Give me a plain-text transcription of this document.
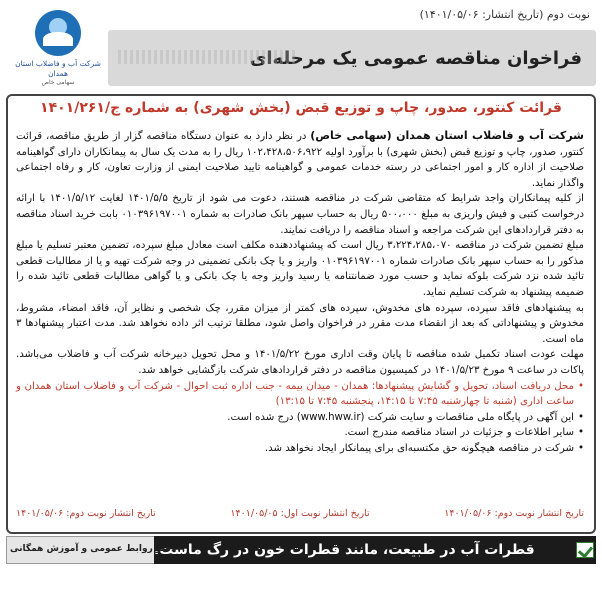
شرکت آب و فاضلاب استان همدان
سهامی خاص
نوبت دوم (تاریخ انتشار: ۱۴۰۱/۰۵/۰۶)
فراخوان مناقصه عمومی یک مرحله‌ای
قرائت کنتور، صدور، چاپ و توزیع قبض (بخش شهری) به شماره ج/۱۴۰۱/۲۶۱

شرکت آب و فاضلاب استان همدان (سهامی خاص) در نظر دارد به عنوان دستگاه مناقصه گزار از طریق مناقصه، قرائت کنتور، صدور، چاپ و توزیع قبض (بخش شهری) با برآورد اولیه ۱۰۲،۴۲۸،۵۰۶،۹۲۲ ریال را به مدت یک سال به پیمانکاران دارای گواهینامه صلاحیت از اداره کار و امور اجتماعی در رسته خدمات عمومی و گواهینامه تایید صلاحیت ایمنی از وزارت تعاون، کار و رفاه اجتماعی واگذار نماید.

از کلیه پیمانکاران واجد شرایط که متقاضی شرکت در مناقصه هستند، دعوت می شود از تاریخ ۱۴۰۱/۵/۵ لغایت ۱۴۰۱/۵/۱۲ با ارائه درخواست کتبی و فیش واریزی به مبلغ ۵۰۰،۰۰۰ ریال به حساب سپهر بانک صادرات به شماره ۰۱۰۳۹۶۱۹۷۰۰۱ بابت خرید اسناد مناقصه به دفتر قراردادهای این شرکت مراجعه و اسناد مناقصه را دریافت نمایند.

مبلغ تضمین شرکت در مناقصه ۳،۲۲۴،۲۸۵،۰۷۰ ریال است که پیشنهاددهنده مکلف است معادل مبلغ سپرده، تضمین معتبر تسلیم یا مبلغ مذکور را به حساب سپهر بانک صادرات شماره ۰۱۰۳۹۶۱۹۷۰۰۱ واریز و یا چک بانکی تضمینی در وجه شرکت تهیه و یا از مطالبات قطعی تائید شده نزد شرکت بلوکه نماید و حسب مورد ضمانتنامه یا رسید واریز وجه یا چک بانکی و یا گواهی مطالبات قطعی تائید شده را ضمیمه پیشنهاد به شرکت تسلیم نماید.

به پیشنهادهای فاقد سپرده، سپرده های مخدوش، سپرده های کمتر از میزان مقرر، چک شخصی و نظایر آن، فاقد امضاء، مشروط، مخدوش و پیشنهاداتی که بعد از انقضاء مدت مقرر در فراخوان واصل شود، مطلقا ترتیب اثر داده نخواهد شد. مدت اعتبار پیشنهادها ۳ ماه است.

مهلت عودت اسناد تکمیل شده مناقصه تا پایان وقت اداری مورخ ۱۴۰۱/۵/۲۲ و محل تحویل دبیرخانه شرکت آب و فاضلاب می‌باشد. پاکات در ساعت ۹ مورخ ۱۴۰۱/۵/۲۳ در کمیسیون مناقصه در دفتر قراردادهای شرکت بازگشایی خواهد شد.

• محل دریافت اسناد، تحویل و گشایش پیشنهادها: همدان - میدان بیمه - جنب اداره ثبت احوال - شرکت آب و فاضلاب استان همدان و ساعت اداری (شنبه تا چهارشنبه ۷:۴۵ تا ۱۴:۱۵، پنجشنبه ۷:۴۵ تا ۱۳:۱۵)
• این آگهی در پایگاه ملی مناقصات و سایت شرکت (www.hww.ir) درج شده است.
• سایر اطلاعات و جزئیات در اسناد مناقصه مندرج است.
• شرکت در مناقصه هیچگونه حق مکتسبه‌ای برای پیمانکار ایجاد نخواهد شد.
تاریخ انتشار نوبت دوم: ۱۴۰۱/۰۵/۰۶
تاریخ انتشار نوبت اول: ۱۴۰۱/۰۵/۰۵
تاریخ انتشار نوبت دوم: ۱۴۰۱/۰۵/۰۶
قطرات آب در طبیعت، مانند قطرات خون در رگ ماست.
دفتر روابط عمومی و آموزش همگانی
